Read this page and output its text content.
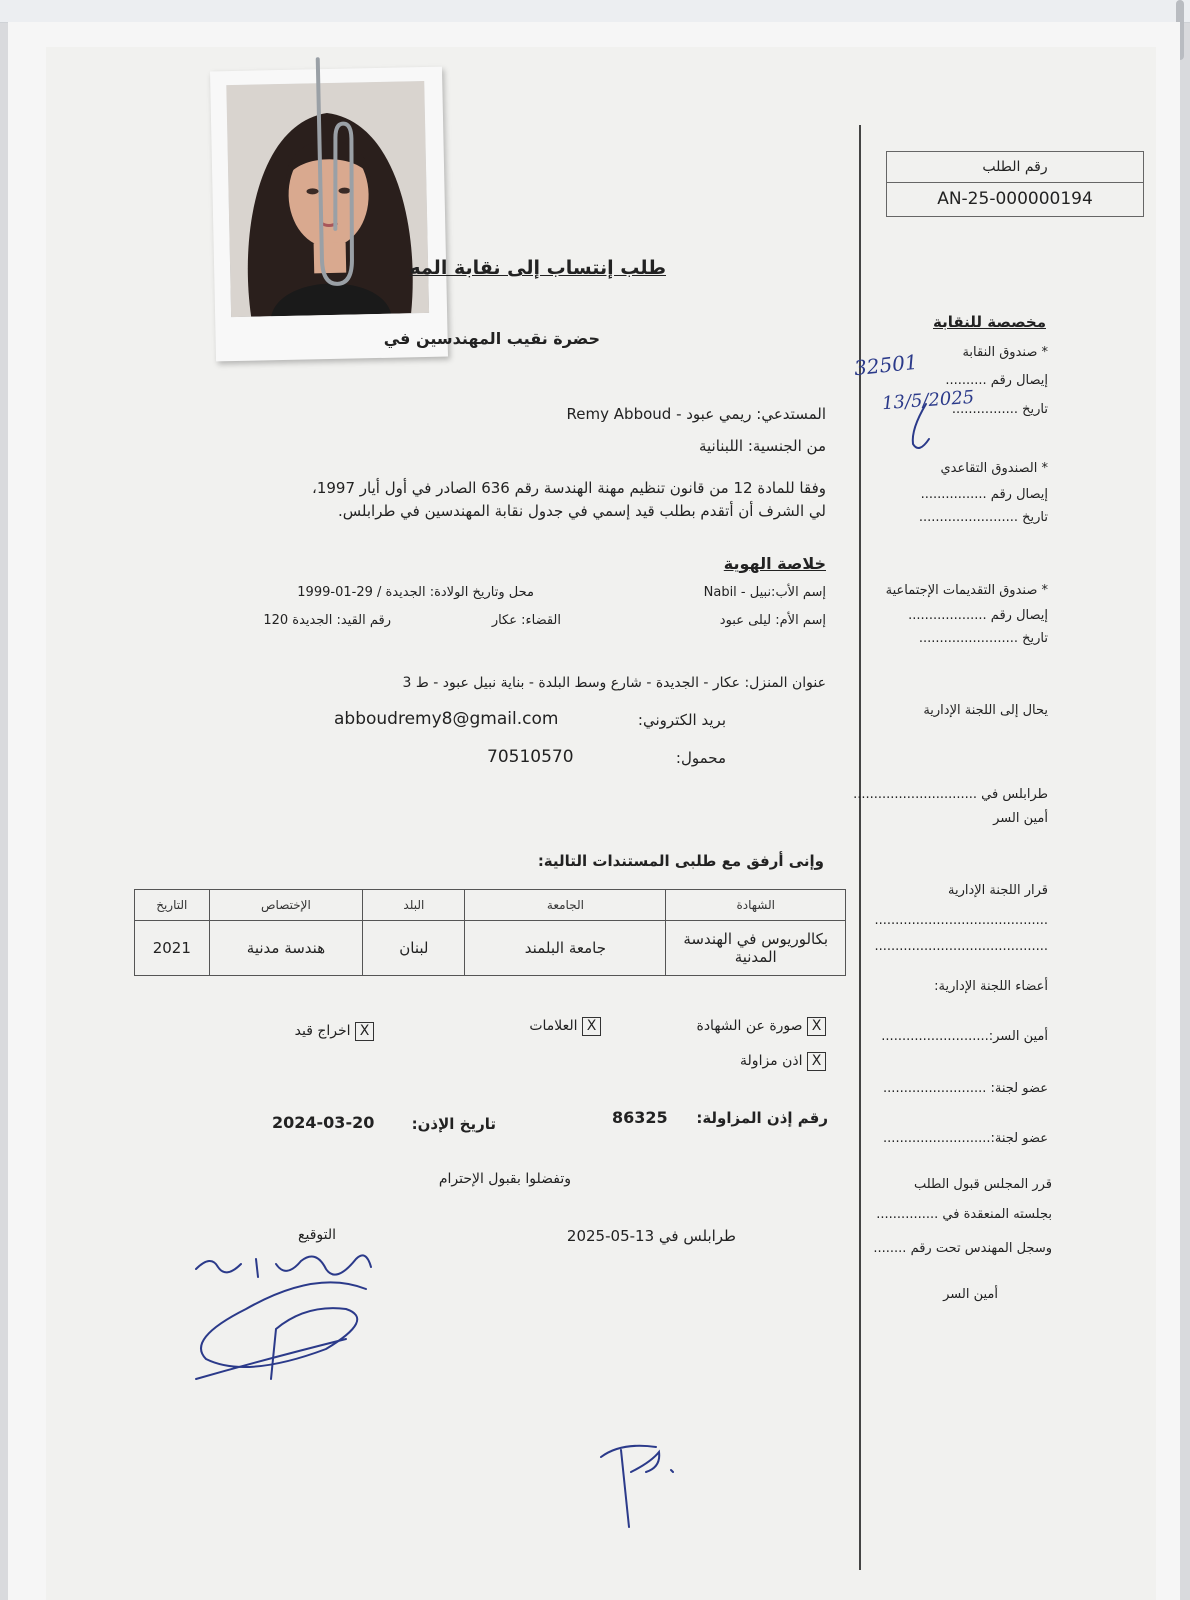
رقم الطلب
AN-25-000000194
طلب إنتساب إلى نقابة المه
حضرة نقيب المهندسين في
المستدعي: ريمي عبود - Remy Abboud
من الجنسية: اللبنانية
وفقا للمادة 12 من قانون تنظيم مهنة الهندسة رقم 636 الصادر في أول أيار 1997،
لي الشرف أن أتقدم بطلب قيد إسمي في جدول نقابة المهندسين في طرابلس.
خلاصة الهوية
إسم الأب:نبيل - Nabil
محل وتاريخ الولادة: الجديدة / 29-01-1999
إسم الأم: ليلى عبود
القضاء: عكار
رقم القيد: الجديدة 120
عنوان المنزل: عكار - الجديدة - شارع وسط البلدة - بناية نبيل عبود - ط 3
بريد الكتروني:
abboudremy8@gmail.com
محمول:
70510570
وإنى أرفق مع طلبى المستندات التالية:
الشهادة	الجامعة	البلد	الإختصاص	التاريخ
بكالوريوس في الهندسة المدنية	جامعة البلمند	لبنان	هندسة مدنية	2021
X صورة عن الشهادة
X العلامات
X اخراج قيد
X اذن مزاولة
رقم إذن المزاولة:
86325
تاريخ الإذن:
2024-03-20
وتفضلوا بقبول الإحترام
طرابلس في 13-05-2025
التوقيع
مخصصة للنقابة
* صندوق النقابة
إيصال رقم ..........
تاريخ ................
32501
13/5/2025
* الصندوق التقاعدي
إيصال رقم ................
تاريخ ........................
* صندوق التقديمات الإجتماعية
إيصال رقم ...................
تاريخ ........................
يحال إلى اللجنة الإدارية
طرابلس في ..............................
أمين السر
قرار اللجنة الإدارية
..........................................
..........................................
أعضاء اللجنة الإدارية:
أمين السر:..........................
عضو لجنة: .........................
عضو لجنة:..........................
قرر المجلس قبول الطلب
بجلسته المنعقدة في ...............
وسجل المهندس تحت رقم ........
أمين السر
